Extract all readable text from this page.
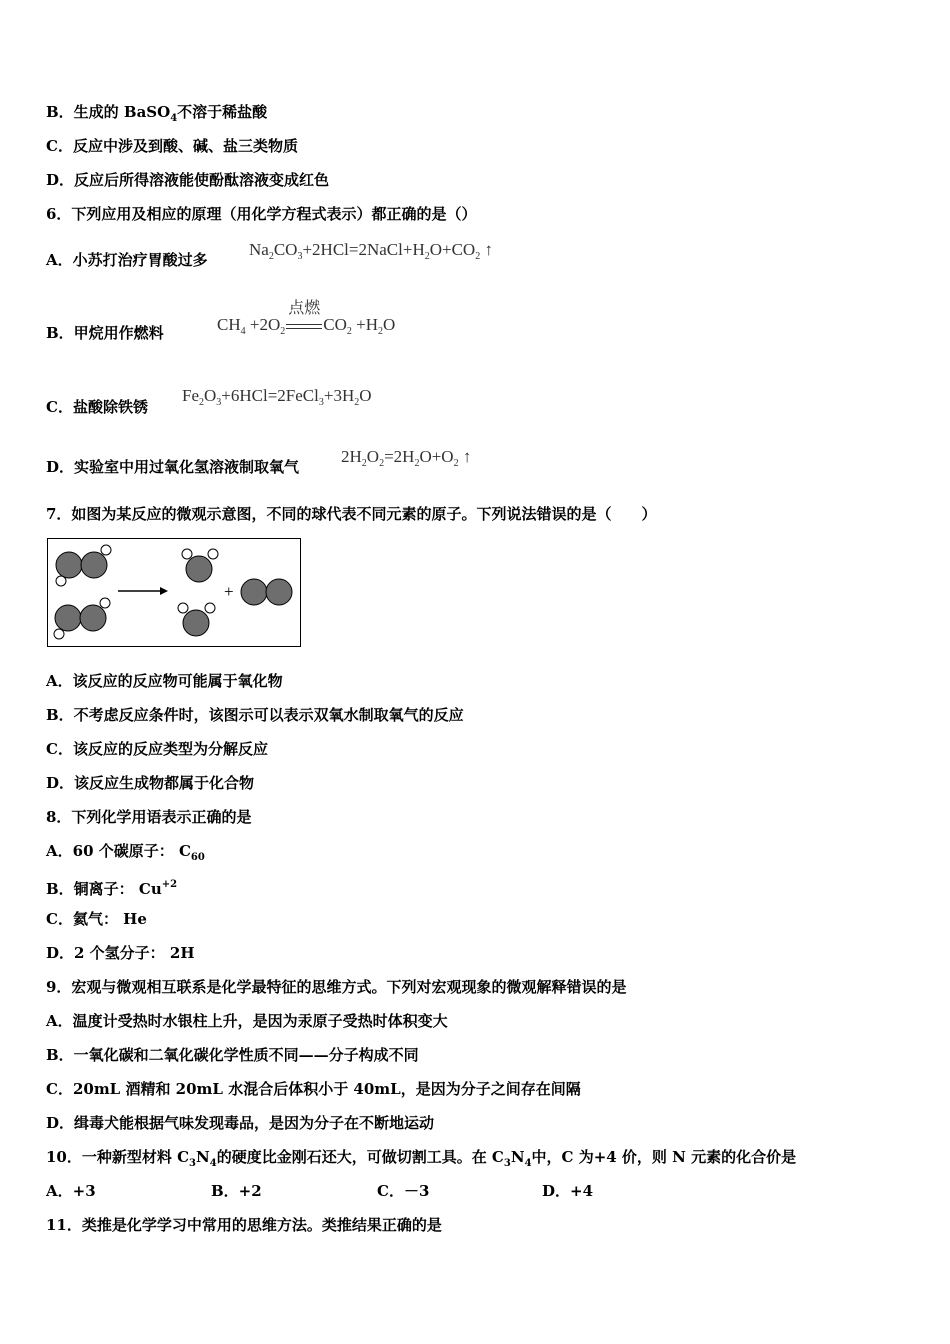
B．生成的 BaSO$_4$不溶于稀盐酸
C．反应中涉及到酸、碱、盐三类物质
D．反应后所得溶液能使酚酞溶液变成红色
6．下列应用及相应的原理（用化学方程式表示）都正确的是（）
A．小苏打治疗胃酸过多
$Na_2CO_3+2HCl=2NaCl+H_2O+CO_2$ ↑
B．甲烷用作燃料	$CH_4 +2O_2$
点燃
$CO_2 +H_2O$
C．盐酸除铁锈
$Fe_2O_3+6HCl=2FeCl_3+3H_2O$
D．实验室中用过氧化氢溶液制取氧气
$2H_2O_2=2H_2O+O_2$ ↑
7．如图为某反应的微观示意图，不同的球代表不同元素的原子。下列说法错误的是（　　）
+
A．该反应的反应物可能属于氧化物
B．不考虑反应条件时，该图示可以表示双氧水制取氧气的反应
C．该反应的反应类型为分解反应
D．该反应生成物都属于化合物
8．下列化学用语表示正确的是
A．60 个碳原子： $C_{60}$
B．铜离子： $Cu^{+2}$
C．氦气： He
D．2 个氢分子： 2H
9．宏观与微观相互联系是化学最特征的思维方式。下列对宏观现象的微观解释错误的是
A．温度计受热时水银柱上升，是因为汞原子受热时体积变大
B．一氧化碳和二氧化碳化学性质不同——分子构成不同
C．20mL 酒精和 20mL 水混合后体积小于 40mL，是因为分子之间存在间隔
D．缉毒犬能根据气味发现毒品，是因为分子在不断地运动
10．一种新型材料 $C_3N_4$的硬度比金刚石还大，可做切割工具。在 $C_3N_4$中，C 为+4 价，则 N 元素的化合价是
A．+3	B．+2	C．－3	D．+4
11．类推是化学学习中常用的思维方法。类推结果正确的是
